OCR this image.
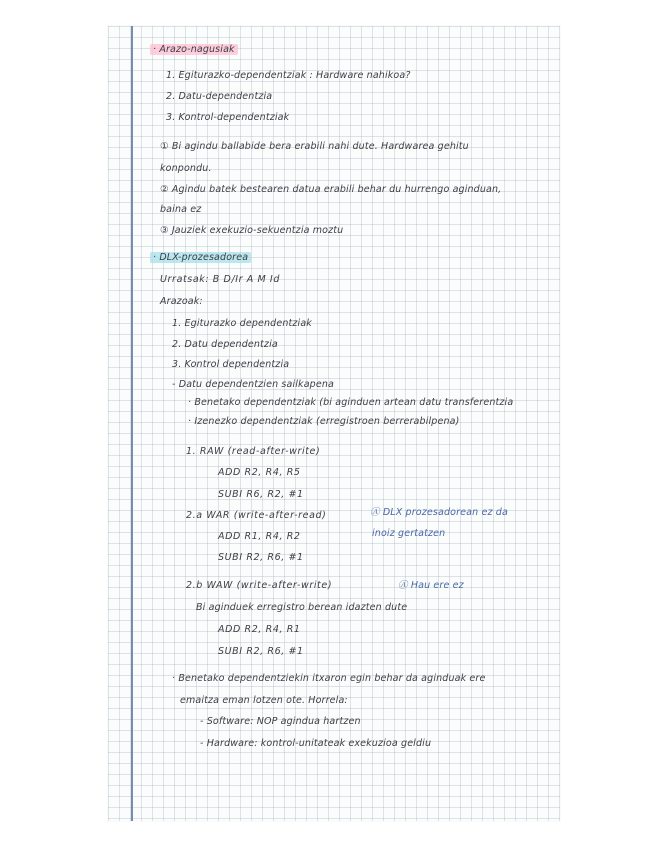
· Arazo-nagusiak

1. Egiturazko-dependentziak : Hardware nahikoa?

2. Datu-dependentzia

3. Kontrol-dependentziak

① Bi agindu ballabide bera erabili nahi dute. Hardwarea gehitu

konpondu.

② Agindu batek bestearen datua erabili behar du hurrengo aginduan,

baina ez

③ Jauziek exekuzio-sekuentzia moztu

· DLX-prozesadorea

Urratsak: B D/Ir A M Id

Arazoak:

1. Egiturazko dependentziak

2. Datu dependentzia

3. Kontrol dependentzia

- Datu dependentzien sailkapena

· Benetako dependentziak (bi aginduen artean datu transferentzia

· Izenezko dependentziak (erregistroen berrerabilpena)

1. RAW (read-after-write)

ADD R2, R4, R5

SUBI R6, R2, #1

2.a WAR (write-after-read)	Ⓐ DLX prozesadorean ez da

inoiz gertatzen

ADD R1, R4, R2

SUBI R2, R6, #1

2.b WAW (write-after-write)	Ⓐ Hau ere ez

Bi aginduek erregistro berean idazten dute

ADD R2, R4, R1

SUBI R2, R6, #1

· Benetako dependentziekin itxaron egin behar da aginduak ere

emaitza eman lotzen ote. Horrela:

- Software: NOP agindua hartzen

- Hardware: kontrol-unitateak exekuzioa geldiu
